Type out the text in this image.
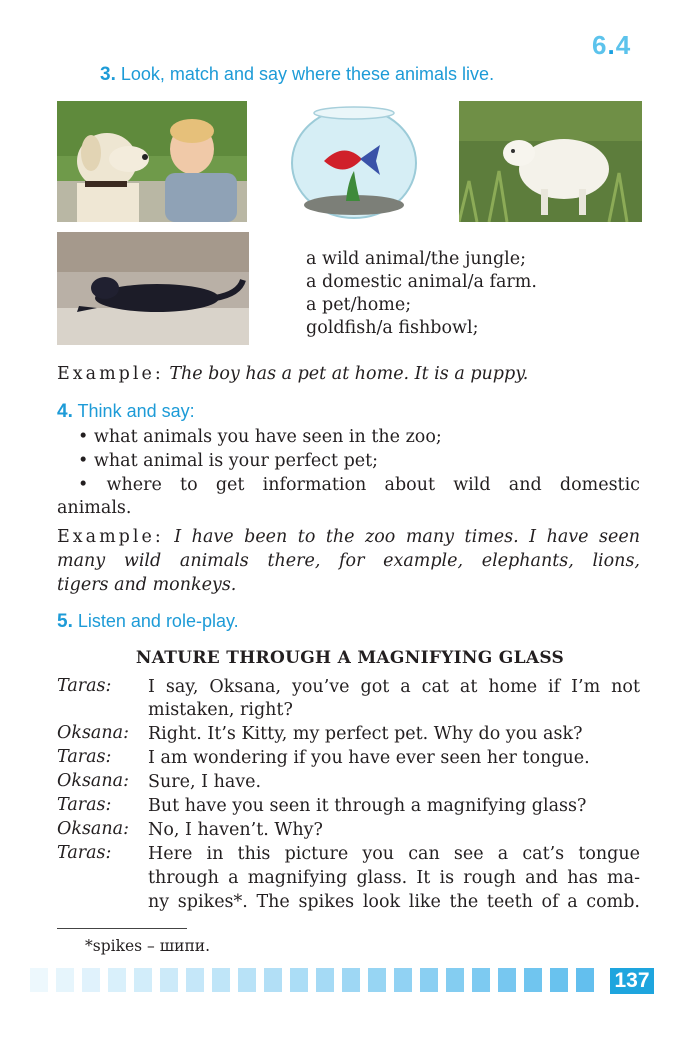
6.4
3. Look, match and say where these animals live.
a wild animal/the jungle;
a domestic animal/a farm.
a pet/home;
goldfish/a fishbowl;
Example: The boy has a pet at home. It is a puppy.
4. Think and say:
• what animals you have seen in the zoo;
• what animal is your perfect pet;
• where to get information about wild and domestic
animals.
Example: I have been to the zoo many times. I have seen
many wild animals there, for example, elephants, lions,
tigers and monkeys.
5. Listen and role-play.
NATURE THROUGH A MAGNIFYING GLASS
Taras: I say, Oksana, you’ve got a cat at home if I’m not
mistaken, right?
Oksana: Right. It’s Kitty, my perfect pet. Why do you ask?
Taras: I am wondering if you have ever seen her tongue.
Oksana: Sure, I have.
Taras: But have you seen it through a magnifying glass?
Oksana: No, I haven’t. Why?
Taras: Here in this picture you can see a cat’s tongue
through a magnifying glass. It is rough and has ma-
ny spikes*. The spikes look like the teeth of a comb.
*spikes – шипи.
137
